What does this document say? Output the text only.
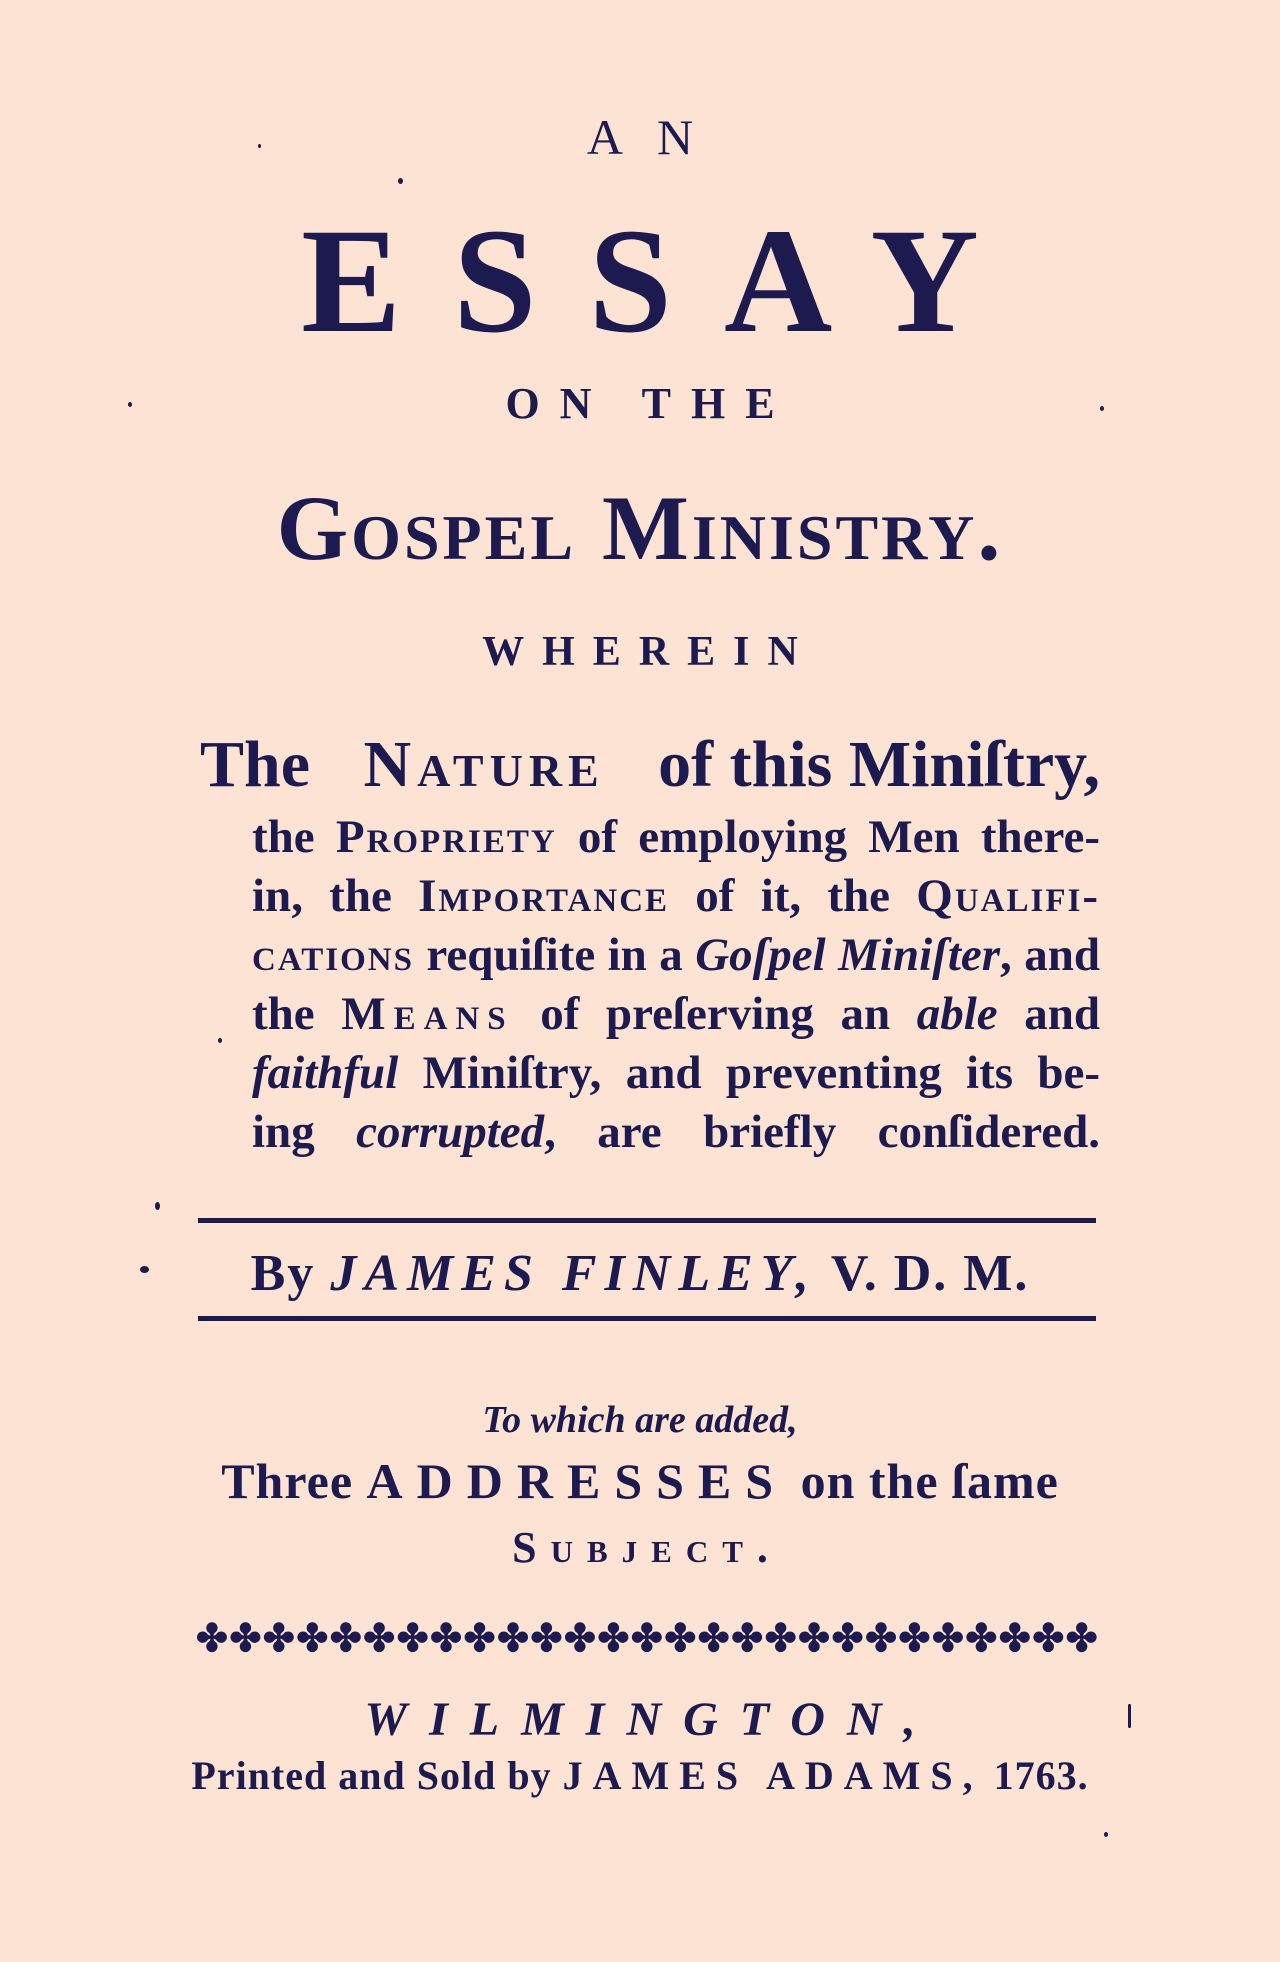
AN
ESSAY
ON THE
Gospel Ministry.
WHEREIN
The Nature of this Miniſtry,
the Propriety of employing Men there-
in, the Importance of it, the Qualifi-
cations requiſite in a Goſpel Miniſter, and
the Means of preſerving an able and
faithful Miniſtry, and preventing its be-
ing corrupted, are briefly conſidered.
By JAMES FINLEY, V. D. M.
To which are added,
Three ADDRESSES on the ſame
Subject.
✤ ✤ ✤ ✤ ✤ ✤ ✤ ✤ ✤ ✤ ✤ ✤ ✤ ✤ ✤ ✤ ✤ ✤ ✤ ✤ ✤ ✤ ✤ ✤ ✤ ✤ ✤
WILMINGTON,
Printed and Sold by JAMES ADAMS, 1763.
